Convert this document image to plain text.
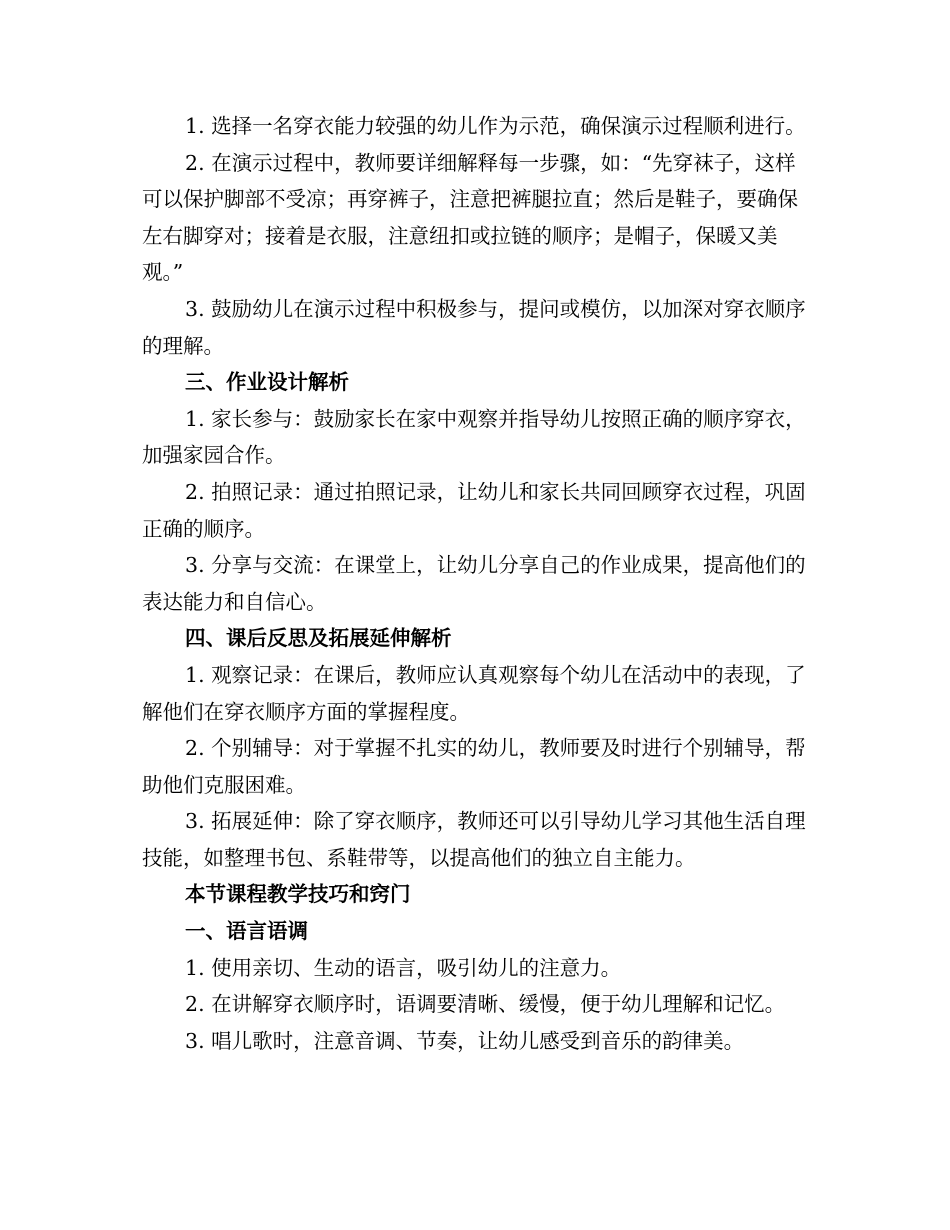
1. 选择一名穿衣能力较强的幼儿作为示范，确保演示过程顺利进行。

2. 在演示过程中，教师要详细解释每一步骤，如：“先穿袜子，这样可以保护脚部不受凉；再穿裤子，注意把裤腿拉直；然后是鞋子，要确保左右脚穿对；接着是衣服，注意纽扣或拉链的顺序；是帽子，保暖又美观。”

3. 鼓励幼儿在演示过程中积极参与，提问或模仿，以加深对穿衣顺序的理解。

三、作业设计解析

1. 家长参与：鼓励家长在家中观察并指导幼儿按照正确的顺序穿衣，加强家园合作。

2. 拍照记录：通过拍照记录，让幼儿和家长共同回顾穿衣过程，巩固正确的顺序。

3. 分享与交流：在课堂上，让幼儿分享自己的作业成果，提高他们的表达能力和自信心。

四、课后反思及拓展延伸解析

1. 观察记录：在课后，教师应认真观察每个幼儿在活动中的表现，了解他们在穿衣顺序方面的掌握程度。

2. 个别辅导：对于掌握不扎实的幼儿，教师要及时进行个别辅导，帮助他们克服困难。

3. 拓展延伸：除了穿衣顺序，教师还可以引导幼儿学习其他生活自理技能，如整理书包、系鞋带等，以提高他们的独立自主能力。

本节课程教学技巧和窍门

一、语言语调

1. 使用亲切、生动的语言，吸引幼儿的注意力。

2. 在讲解穿衣顺序时，语调要清晰、缓慢，便于幼儿理解和记忆。

3. 唱儿歌时，注意音调、节奏，让幼儿感受到音乐的韵律美。
